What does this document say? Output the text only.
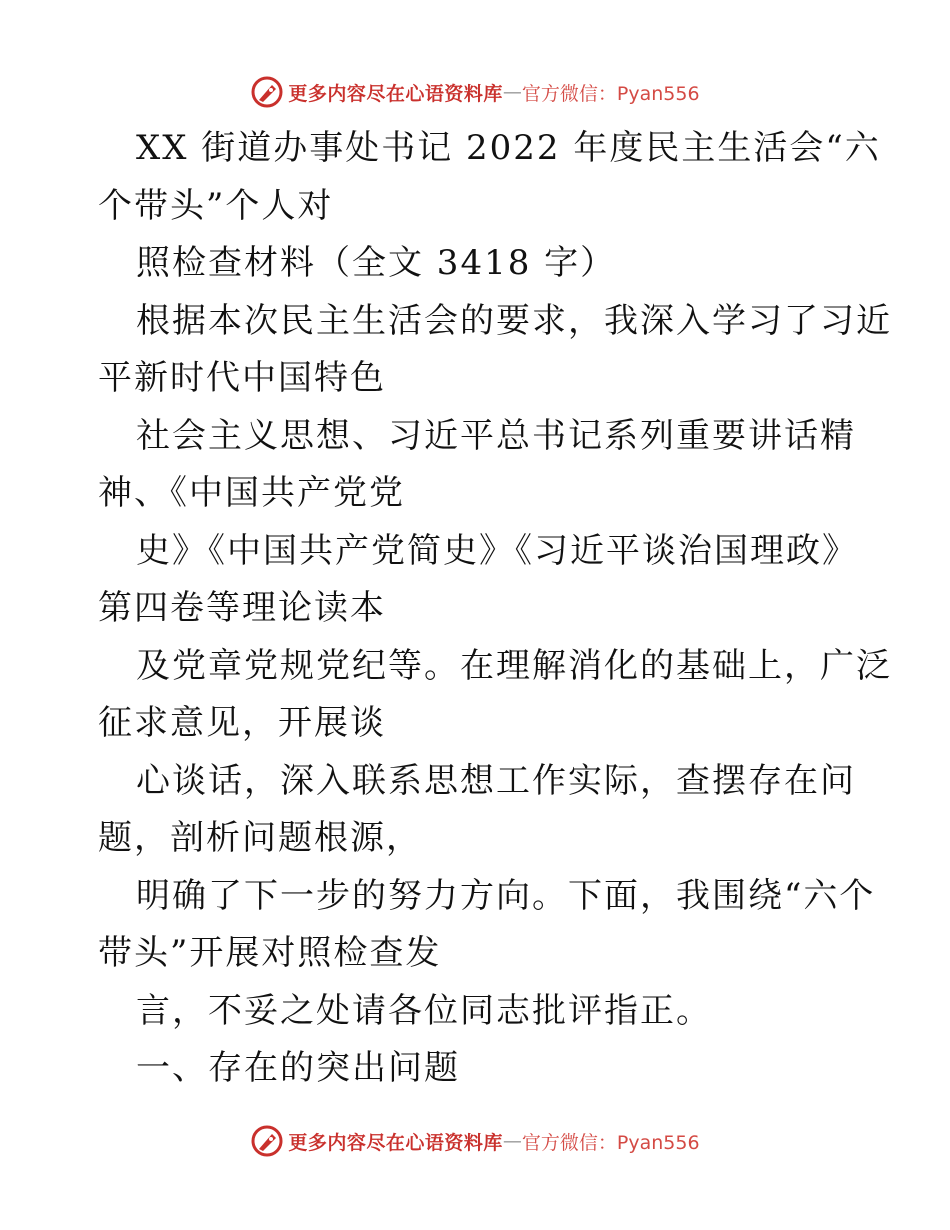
更多内容尽在心语资料库 — 官方微信：Pyan556
XX 街道办事处书记 2022 年度民主生活会“六
个带头”个人对
照检查材料（全文 3418 字）
根据本次民主生活会的要求，我深入学习了习近
平新时代中国特色
社会主义思想、习近平总书记系列重要讲话精
神、《中国共产党党
史》《中国共产党简史》《习近平谈治国理政》
第四卷等理论读本
及党章党规党纪等。在理解消化的基础上，广泛
征求意见，开展谈
心谈话，深入联系思想工作实际，查摆存在问
题，剖析问题根源，
明确了下一步的努力方向。下面，我围绕“六个
带头”开展对照检查发
言，不妥之处请各位同志批评指正。
一、存在的突出问题
更多内容尽在心语资料库 — 官方微信：Pyan556
